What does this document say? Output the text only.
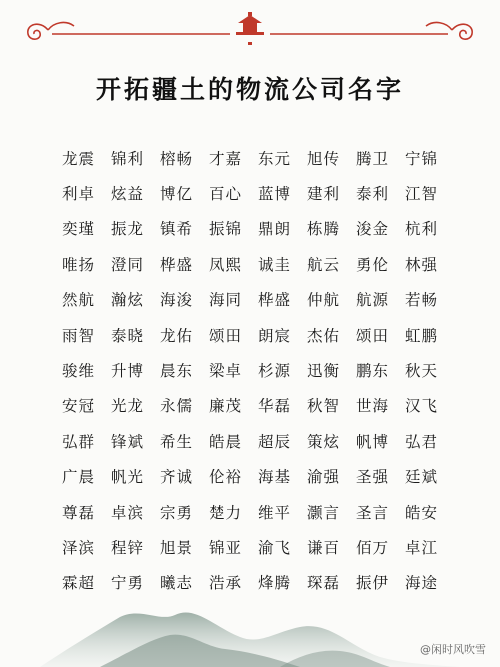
开拓疆土的物流公司名字
龙震 锦利 榕畅 才嘉 东元 旭传 腾卫 宁锦
利卓 炫益 博亿 百心 蓝博 建利 泰利 江智
奕瑾 振龙 镇希 振锦 鼎朗 栋腾 浚金 杭利
唯扬 澄同 桦盛 凤熙 诚圭 航云 勇伦 林强
然航 瀚炫 海浚 海同 桦盛 仲航 航源 若畅
雨智 泰晓 龙佑 颂田 朗宸 杰佑 颂田 虹鹏
骏维 升博 晨东 梁卓 杉源 迅衡 鹏东 秋天
安冠 光龙 永儒 廉茂 华磊 秋智 世海 汉飞
弘群 锋斌 希生 皓晨 超辰 策炫 帆博 弘君
广晨 帆光 齐诚 伦裕 海基 渝强 圣强 廷斌
尊磊 卓滨 宗勇 楚力 维平 灏言 圣言 皓安
泽滨 程锌 旭景 锦亚 渝飞 谦百 佰万 卓江
霖超 宁勇 曦志 浩承 烽腾 琛磊 振伊 海途
@闲时风吹雪
